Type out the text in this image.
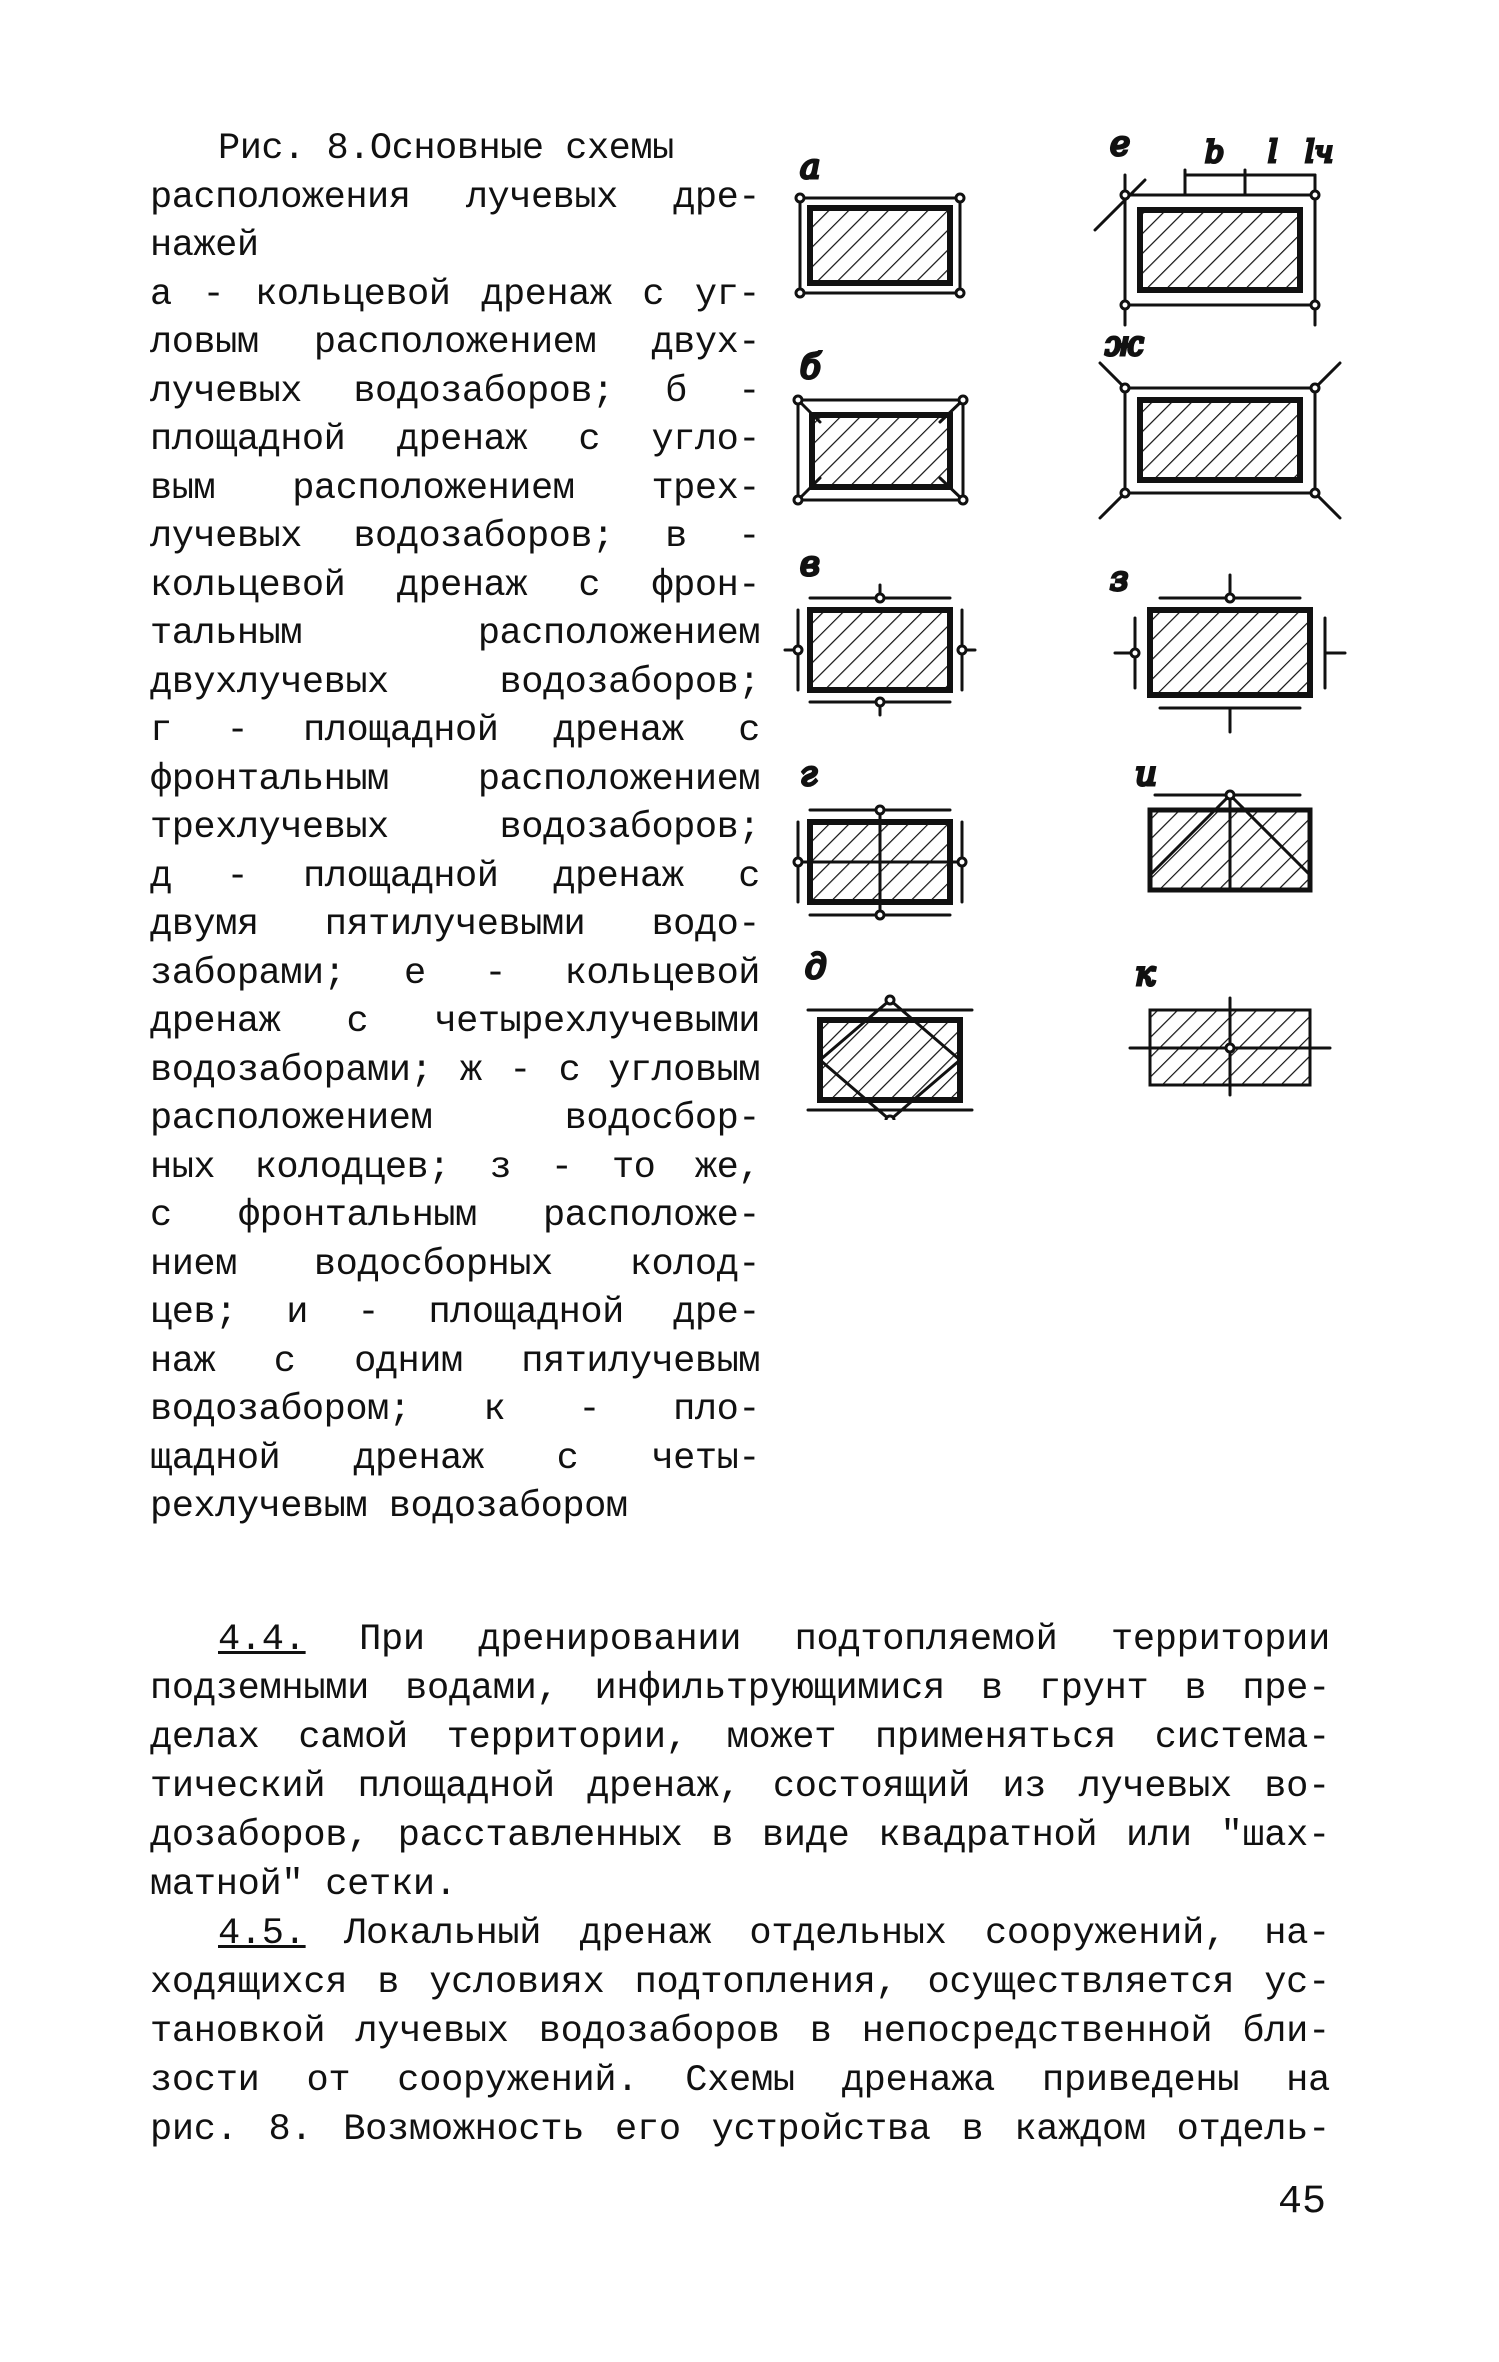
Рис. 8.Основные схемы
расположения лучевых дре-
нажей
а - кольцевой дренаж с уг-
ловым расположением двух-
лучевых водозаборов; б -
площадной дренаж с угло-
вым расположением трех-
лучевых водозаборов; в -
кольцевой дренаж с фрон-
тальным расположением
двухлучевых водозаборов;
г - площадной дренаж с
фронтальным расположением
трехлучевых водозаборов;
д - площадной дренаж с
двумя пятилучевыми водо-
заборами; е - кольцевой
дренаж с четырехлучевыми
водозаборами; ж - с угловым
расположением водосбор-
ных колодцев; з - то же,
с фронтальным расположе-
нием водосборных колод-
цев; и - площадной дре-
наж с одним пятилучевым
водозабором; к - пло-
щадной дренаж с четы-
рехлучевым водозабором
а
б
в
г
д
е b l lч
ж
з
и
к
4.4. При дренировании подтопляемой территории
подземными водами, инфильтрующимися в грунт в пре-
делах самой территории, может применяться система-
тический площадной дренаж, состоящий из лучевых во-
дозаборов, расставленных в виде квадратной или "шах-
матной" сетки.
4.5. Локальный дренаж отдельных сооружений, на-
ходящихся в условиях подтопления, осуществляется ус-
тановкой лучевых водозаборов в непосредственной бли-
зости от сооружений. Схемы дренажа приведены на
рис. 8. Возможность его устройства в каждом отдель-
45
